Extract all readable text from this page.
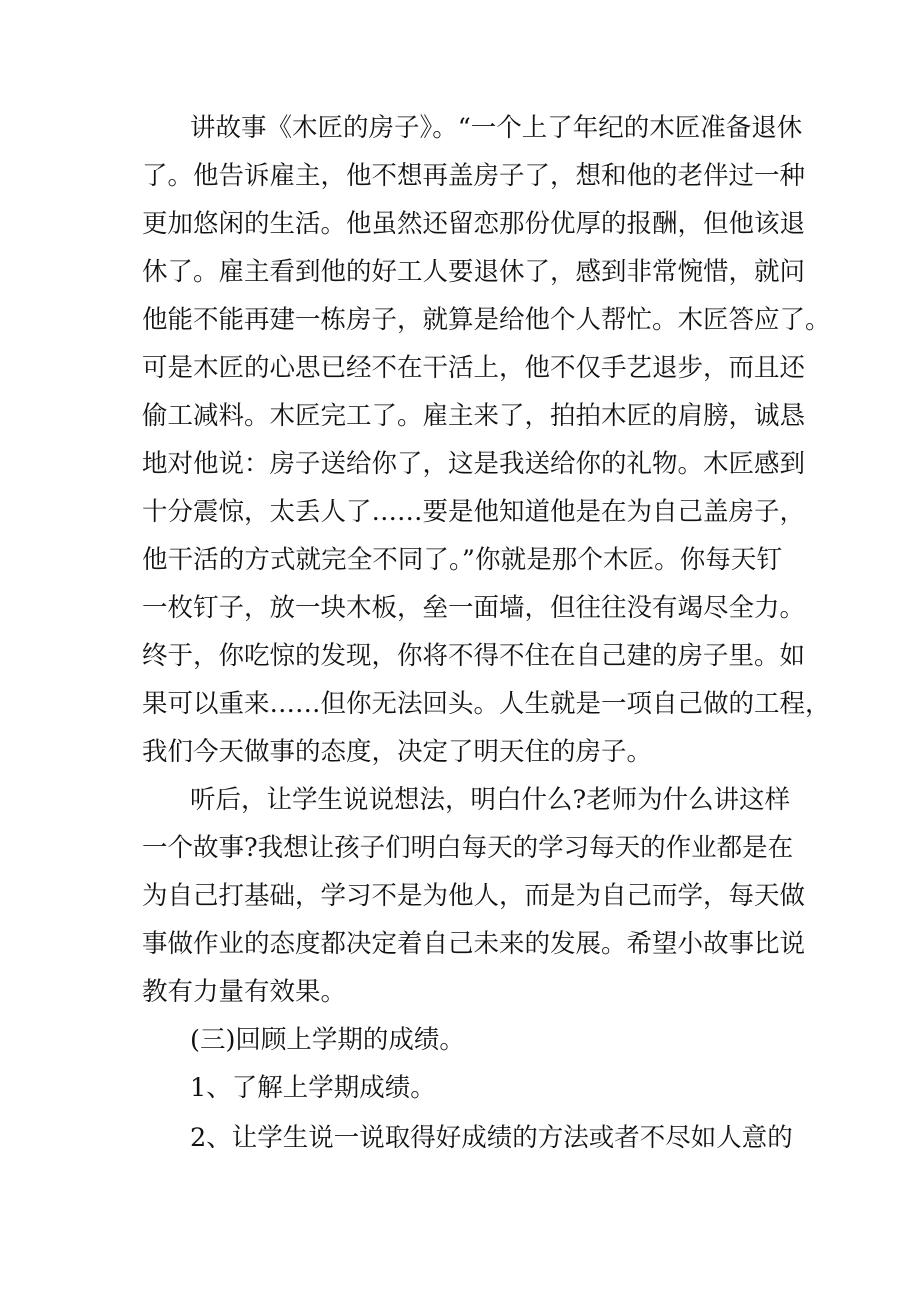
讲故事《木匠的房子》。“一个上了年纪的木匠准备退休
了。他告诉雇主，他不想再盖房子了，想和他的老伴过一种
更加悠闲的生活。他虽然还留恋那份优厚的报酬，但他该退
休了。雇主看到他的好工人要退休了，感到非常惋惜，就问
他能不能再建一栋房子，就算是给他个人帮忙。木匠答应了。
可是木匠的心思已经不在干活上，他不仅手艺退步，而且还
偷工减料。木匠完工了。雇主来了，拍拍木匠的肩膀，诚恳
地对他说：房子送给你了，这是我送给你的礼物。木匠感到
十分震惊，太丢人了……要是他知道他是在为自己盖房子，
他干活的方式就完全不同了。”你就是那个木匠。你每天钉
一枚钉子，放一块木板，垒一面墙，但往往没有竭尽全力。
终于，你吃惊的发现，你将不得不住在自己建的房子里。如
果可以重来……但你无法回头。人生就是一项自己做的工程，
我们今天做事的态度，决定了明天住的房子。
听后，让学生说说想法，明白什么?老师为什么讲这样
一个故事?我想让孩子们明白每天的学习每天的作业都是在
为自己打基础，学习不是为他人，而是为自己而学，每天做
事做作业的态度都决定着自己未来的发展。希望小故事比说
教有力量有效果。
(三)回顾上学期的成绩。
1、了解上学期成绩。
2、让学生说一说取得好成绩的方法或者不尽如人意的
